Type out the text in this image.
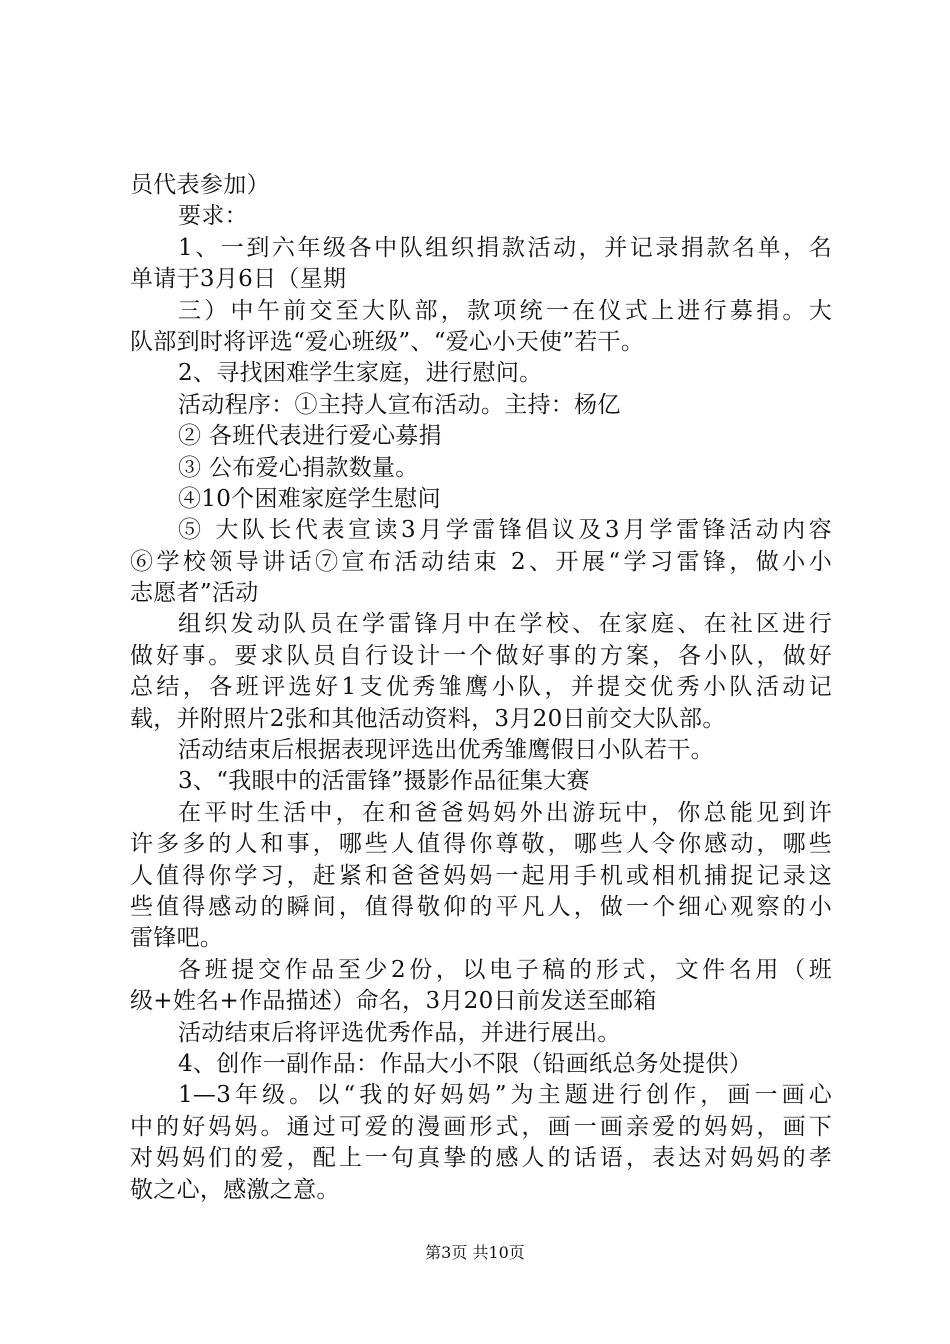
员代表参加）
要求：
1、一到六年级各中队组织捐款活动，并记录捐款名单，名
单请于3月6日（星期
三）中午前交至大队部，款项统一在仪式上进行募捐。大
队部到时将评选“爱心班级”、“爱心小天使”若干。
2、寻找困难学生家庭，进行慰问。
活动程序：①主持人宣布活动。主持：杨亿
② 各班代表进行爱心募捐
③ 公布爱心捐款数量。
④10个困难家庭学生慰问
⑤ 大队长代表宣读3月学雷锋倡议及3月学雷锋活动内容
⑥学校领导讲话⑦宣布活动结束 2、开展“学习雷锋，做小小
志愿者”活动
组织发动队员在学雷锋月中在学校、在家庭、在社区进行
做好事。要求队员自行设计一个做好事的方案，各小队，做好
总结，各班评选好1支优秀雏鹰小队，并提交优秀小队活动记
载，并附照片2张和其他活动资料，3月20日前交大队部。
活动结束后根据表现评选出优秀雏鹰假日小队若干。
3、“我眼中的活雷锋”摄影作品征集大赛
在平时生活中，在和爸爸妈妈外出游玩中，你总能见到许
许多多的人和事，哪些人值得你尊敬，哪些人令你感动，哪些
人值得你学习，赶紧和爸爸妈妈一起用手机或相机捕捉记录这
些值得感动的瞬间，值得敬仰的平凡人，做一个细心观察的小
雷锋吧。
各班提交作品至少2份，以电子稿的形式，文件名用（班
级+姓名+作品描述）命名，3月20日前发送至邮箱
活动结束后将评选优秀作品，并进行展出。
4、创作一副作品：作品大小不限（铅画纸总务处提供）
1—3年级。以“我的好妈妈”为主题进行创作，画一画心
中的好妈妈。通过可爱的漫画形式，画一画亲爱的妈妈，画下
对妈妈们的爱，配上一句真挚的感人的话语，表达对妈妈的孝
敬之心，感激之意。
第3页 共10页
